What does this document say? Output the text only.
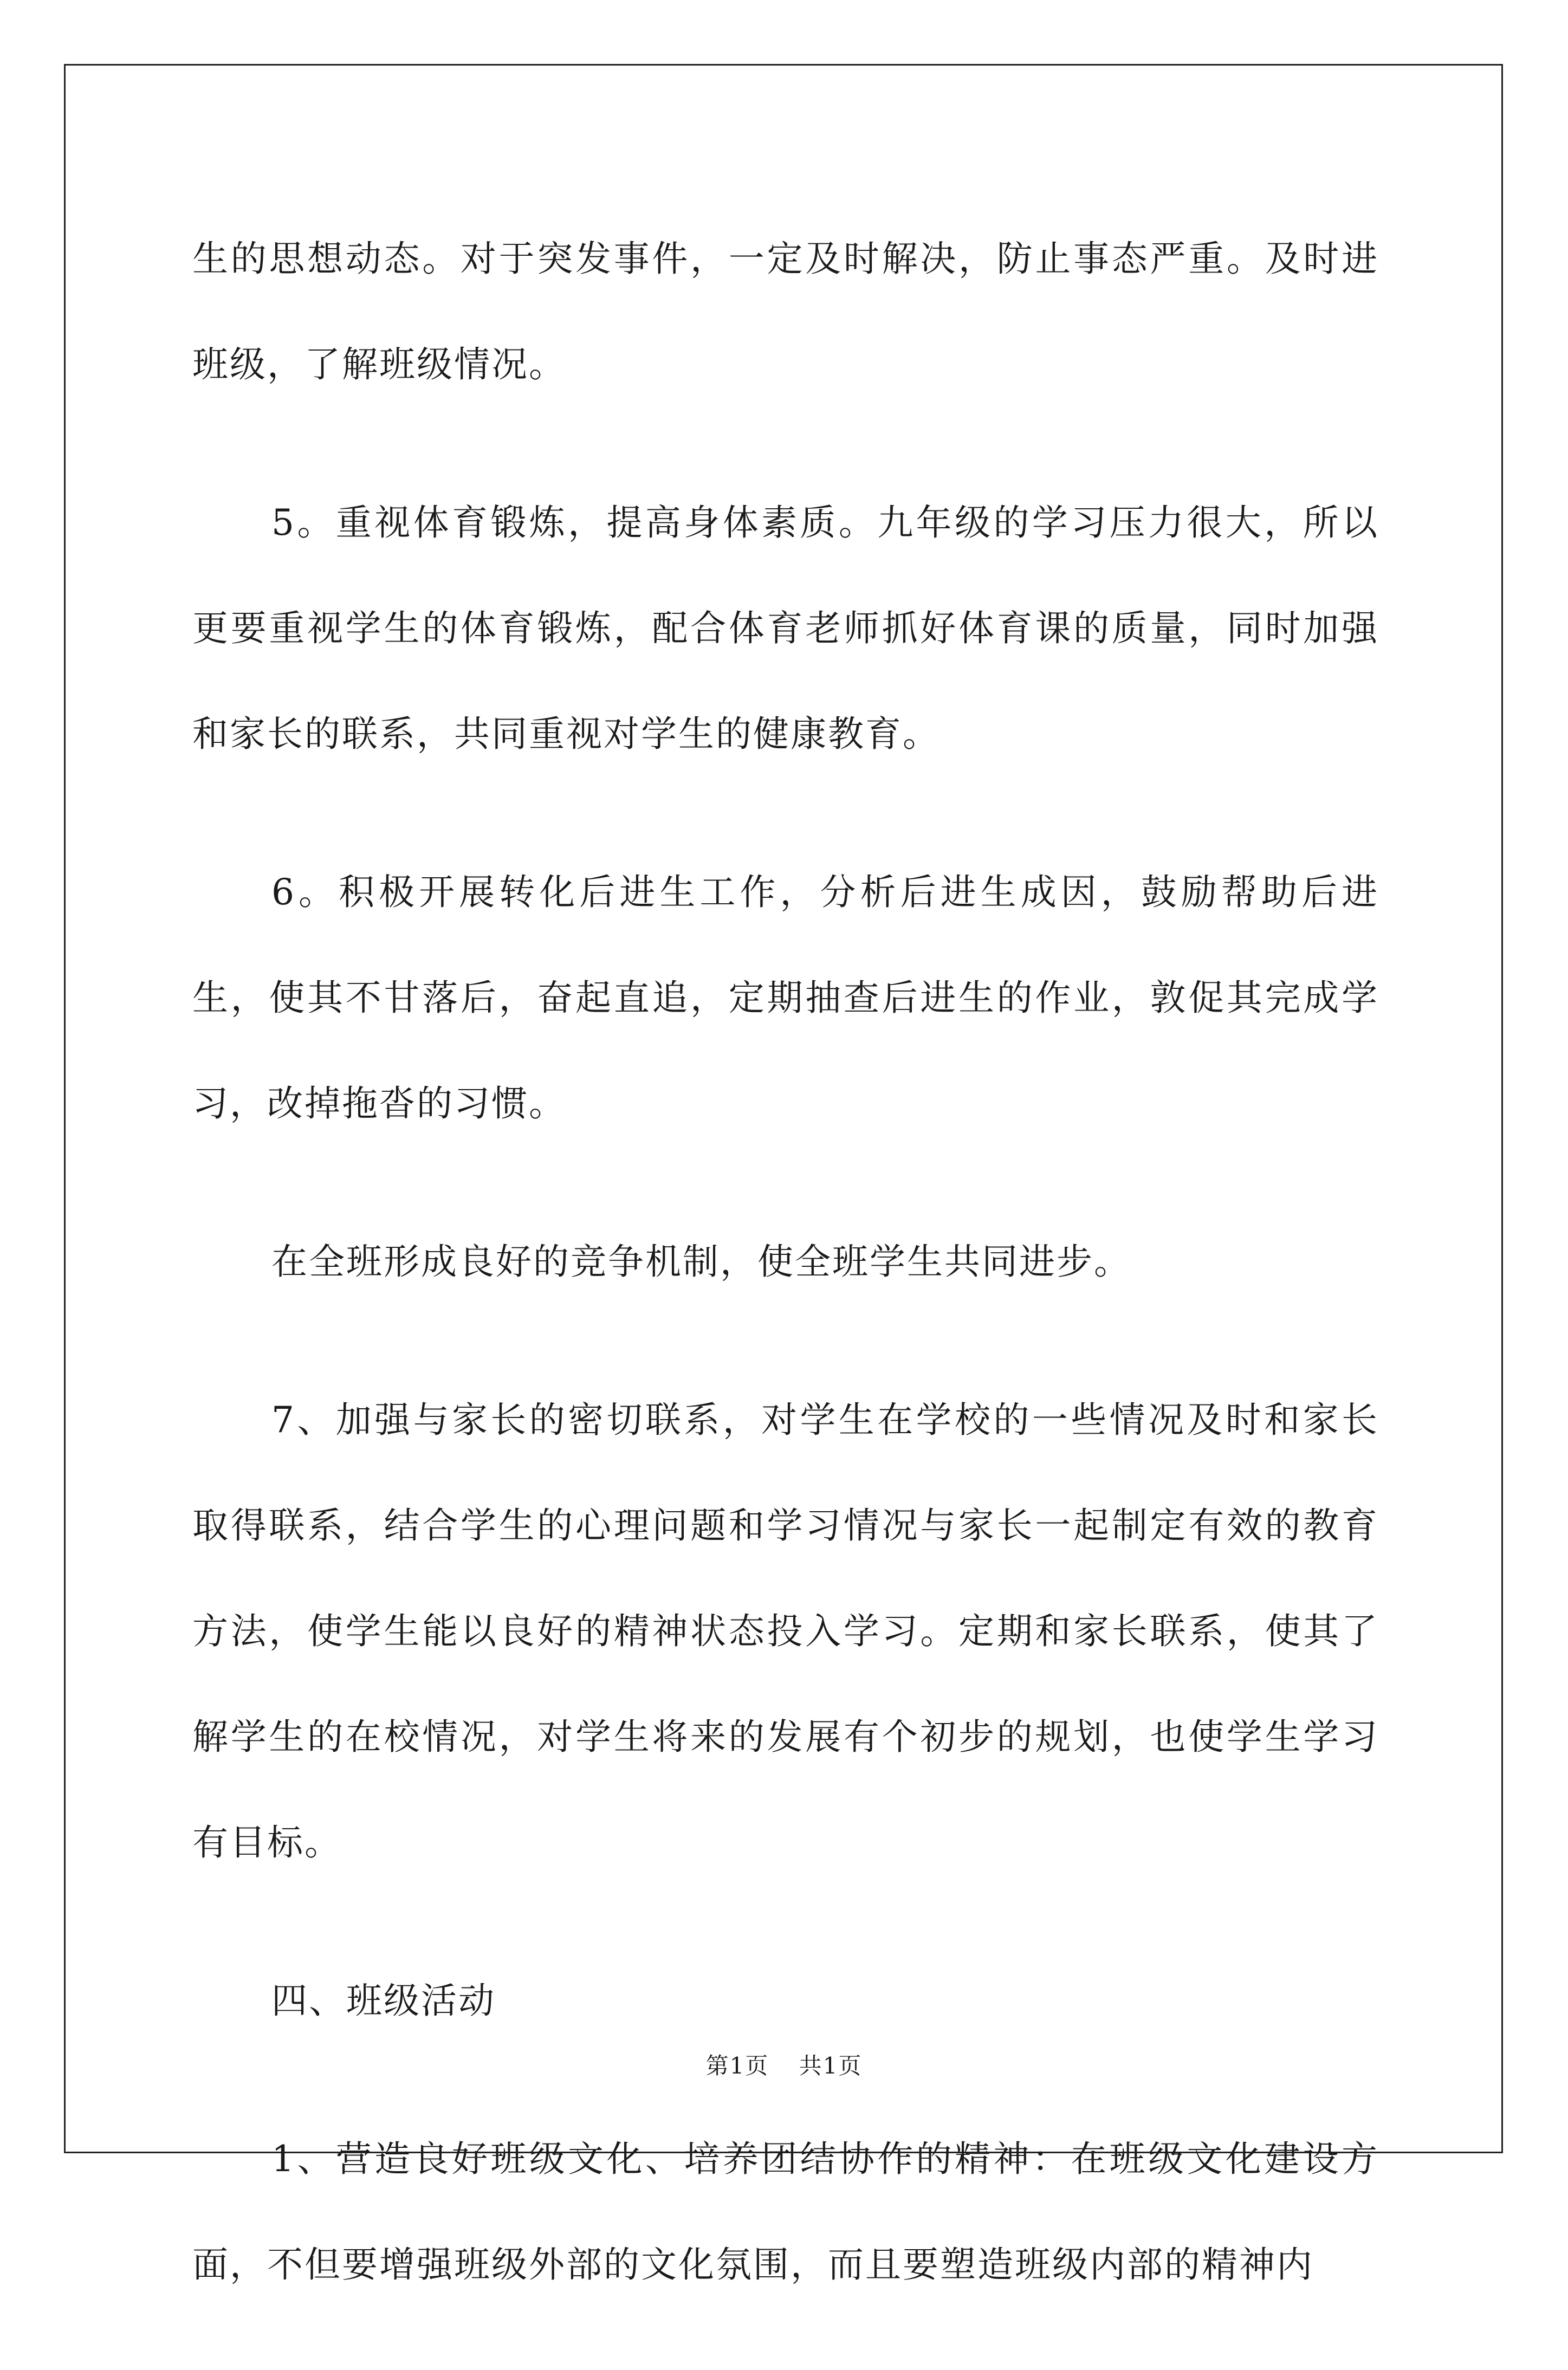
生的思想动态。对于突发事件，一定及时解决，防止事态严重。及时进班级，了解班级情况。

5。重视体育锻炼，提高身体素质。九年级的学习压力很大，所以更要重视学生的体育锻炼，配合体育老师抓好体育课的质量，同时加强和家长的联系，共同重视对学生的健康教育。

6。积极开展转化后进生工作，分析后进生成因，鼓励帮助后进生，使其不甘落后，奋起直追，定期抽查后进生的作业，敦促其完成学习，改掉拖沓的习惯。

在全班形成良好的竞争机制，使全班学生共同进步。

7、加强与家长的密切联系，对学生在学校的一些情况及时和家长取得联系，结合学生的心理问题和学习情况与家长一起制定有效的教育方法，使学生能以良好的精神状态投入学习。定期和家长联系，使其了解学生的在校情况，对学生将来的发展有个初步的规划，也使学生学习有目标。

四、班级活动

1、营造良好班级文化、培养团结协作的精神：在班级文化建设方面，不但要增强班级外部的文化氛围，而且要塑造班级内部的精神内

第1页 共1页
